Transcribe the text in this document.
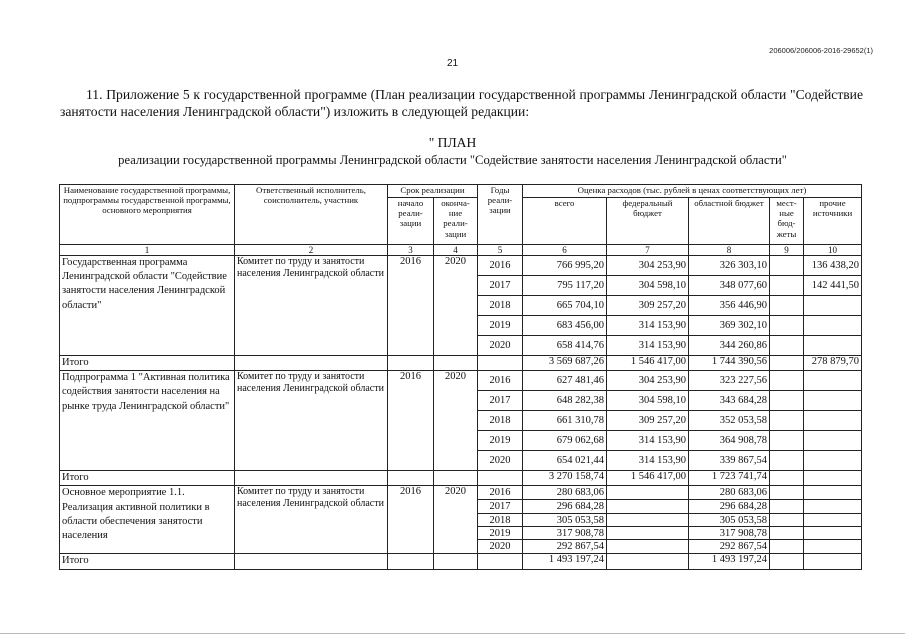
206006/206006-2016-29652(1)
21
11. Приложение 5 к государственной программе (План реализации государственной программы Ленинградской области "Содействие занятости населения Ленинградской области") изложить в следующей редакции:
" ПЛАН
реализации государственной программы Ленинградской области "Содействие занятости населения Ленинградской области"
Наименование государственной программы, подпрограммы государственной программы, основного мероприятия	Ответственный исполнитель, соисполнитель, участник	Срок реализации		Годы реали-зации	Оценка расходов (тыс. рублей в ценах соответствующих лет)				
		начало реали-зации	оконча-ние реали-зации		всего	федеральный бюджет	областной бюджет	мест-ные бюд-жеты	прочие источники
1	2	3	4	5	6	7	8	9	10
Государственная программа Ленинградской области "Содействие занятости населения Ленинградской области"	Комитет по труду и занятости населения Ленинградской области	2016	2020	2016	766 995,20	304 253,90	326 303,10		136 438,20
				2017	795 117,20	304 598,10	348 077,60		142 441,50
				2018	665 704,10	309 257,20	356 446,90		
				2019	683 456,00	314 153,90	369 302,10		
				2020	658 414,76	314 153,90	344 260,86		
Итого					3 569 687,26	1 546 417,00	1 744 390,56		278 879,70
Подпрограмма 1 "Активная политика содействия занятости населения на рынке труда Ленинградской области"	Комитет по труду и занятости населения Ленинградской области	2016	2020	2016	627 481,46	304 253,90	323 227,56		
				2017	648 282,38	304 598,10	343 684,28		
				2018	661 310,78	309 257,20	352 053,58		
				2019	679 062,68	314 153,90	364 908,78		
				2020	654 021,44	314 153,90	339 867,54		
Итого					3 270 158,74	1 546 417,00	1 723 741,74		
Основное мероприятие 1.1. Реализация активной политики в области обеспечения занятости населения	Комитет по труду и занятости населения Ленинградской области	2016	2020	2016	280 683,06		280 683,06		
				2017	296 684,28		296 684,28		
				2018	305 053,58		305 053,58		
				2019	317 908,78		317 908,78		
				2020	292 867,54		292 867,54		
Итого					1 493 197,24		1 493 197,24		
